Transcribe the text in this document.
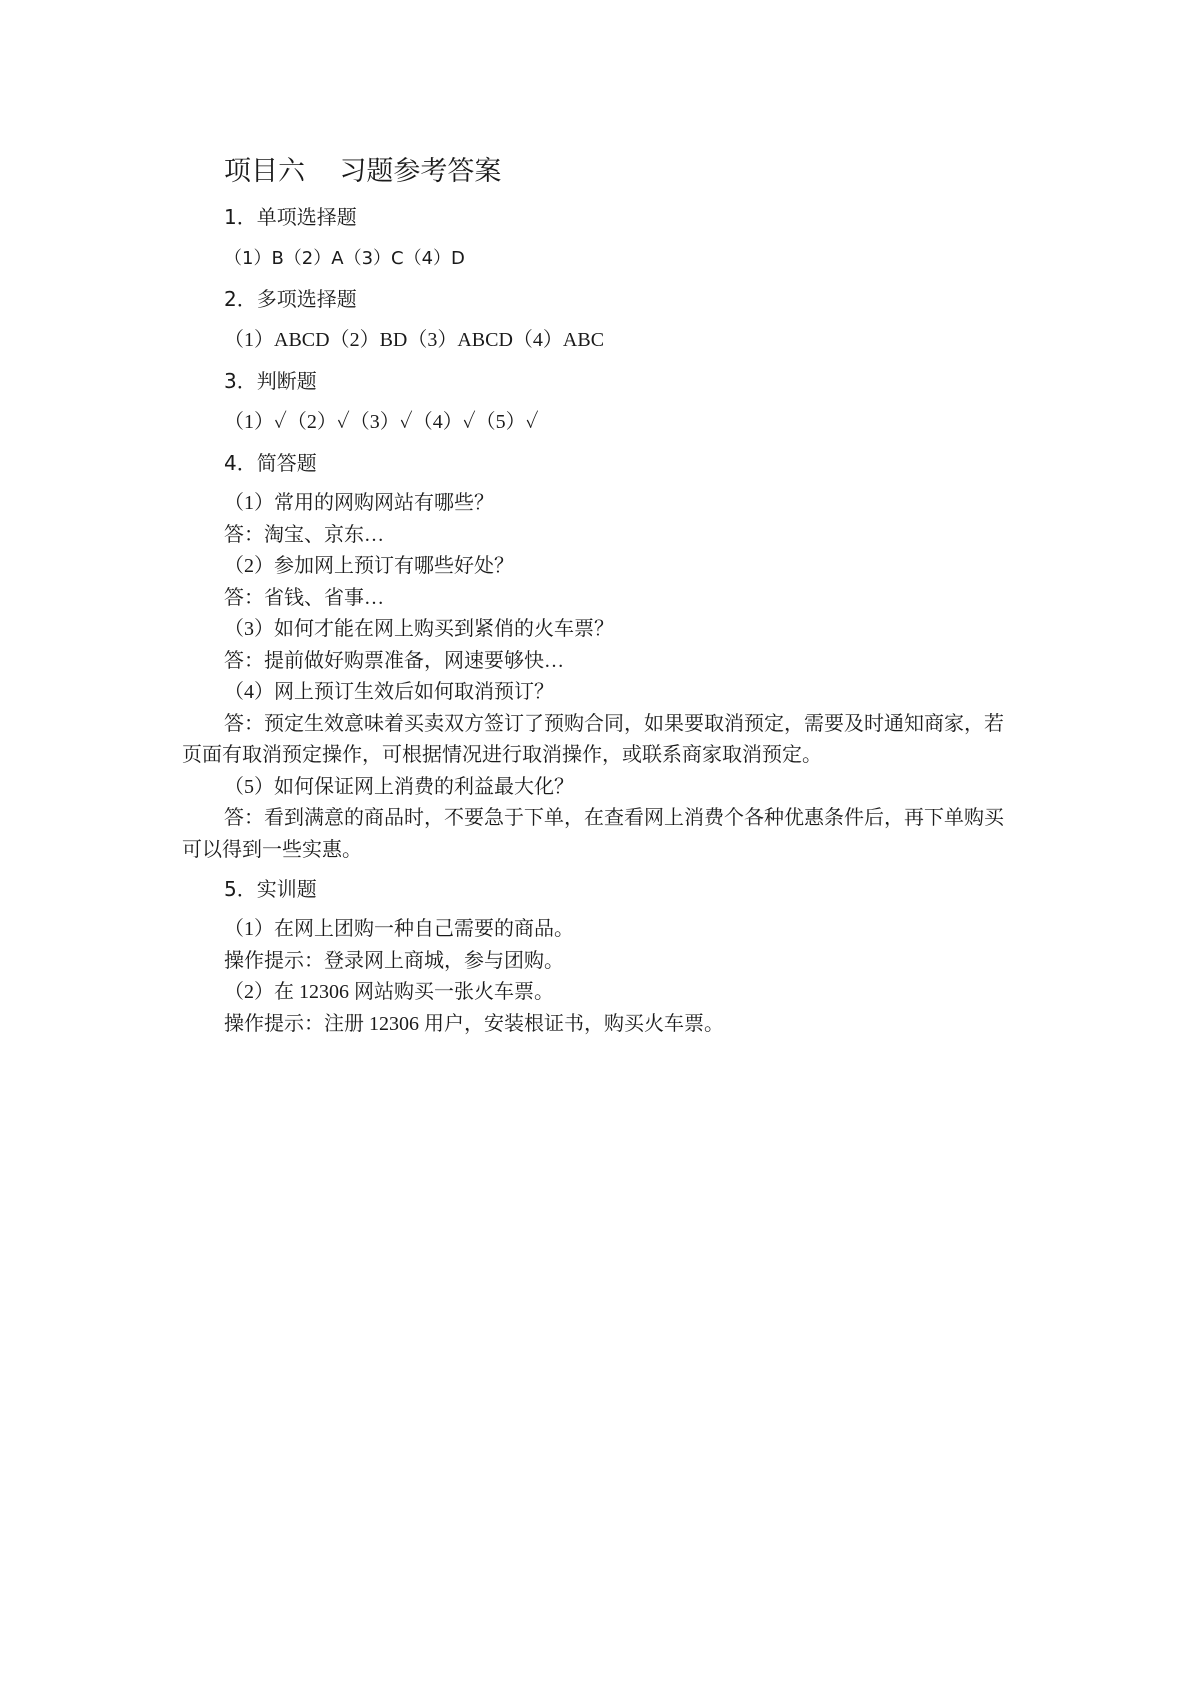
项目六    习题参考答案
1．单项选择题
（1）B（2）A（3）C（4）D
2．多项选择题
（1）ABCD（2）BD（3）ABCD（4）ABC
3．判断题
（1）✓（2）✓（3）✓（4）✓（5）✓
4．简答题

（1）常用的网购网站有哪些？

答：淘宝、京东…

（2）参加网上预订有哪些好处？

答：省钱、省事…

（3）如何才能在网上购买到紧俏的火车票？

答：提前做好购票准备，网速要够快…

（4）网上预订生效后如何取消预订？

答：预定生效意味着买卖双方签订了预购合同，如果要取消预定，需要及时通知商家，若页面有取消预定操作，可根据情况进行取消操作，或联系商家取消预定。

（5）如何保证网上消费的利益最大化？

答：看到满意的商品时，不要急于下单，在查看网上消费个各种优惠条件后，再下单购买可以得到一些实惠。

5．实训题

（1）在网上团购一种自己需要的商品。

操作提示：登录网上商城，参与团购。

（2）在 12306 网站购买一张火车票。

操作提示：注册 12306 用户，安装根证书，购买火车票。
